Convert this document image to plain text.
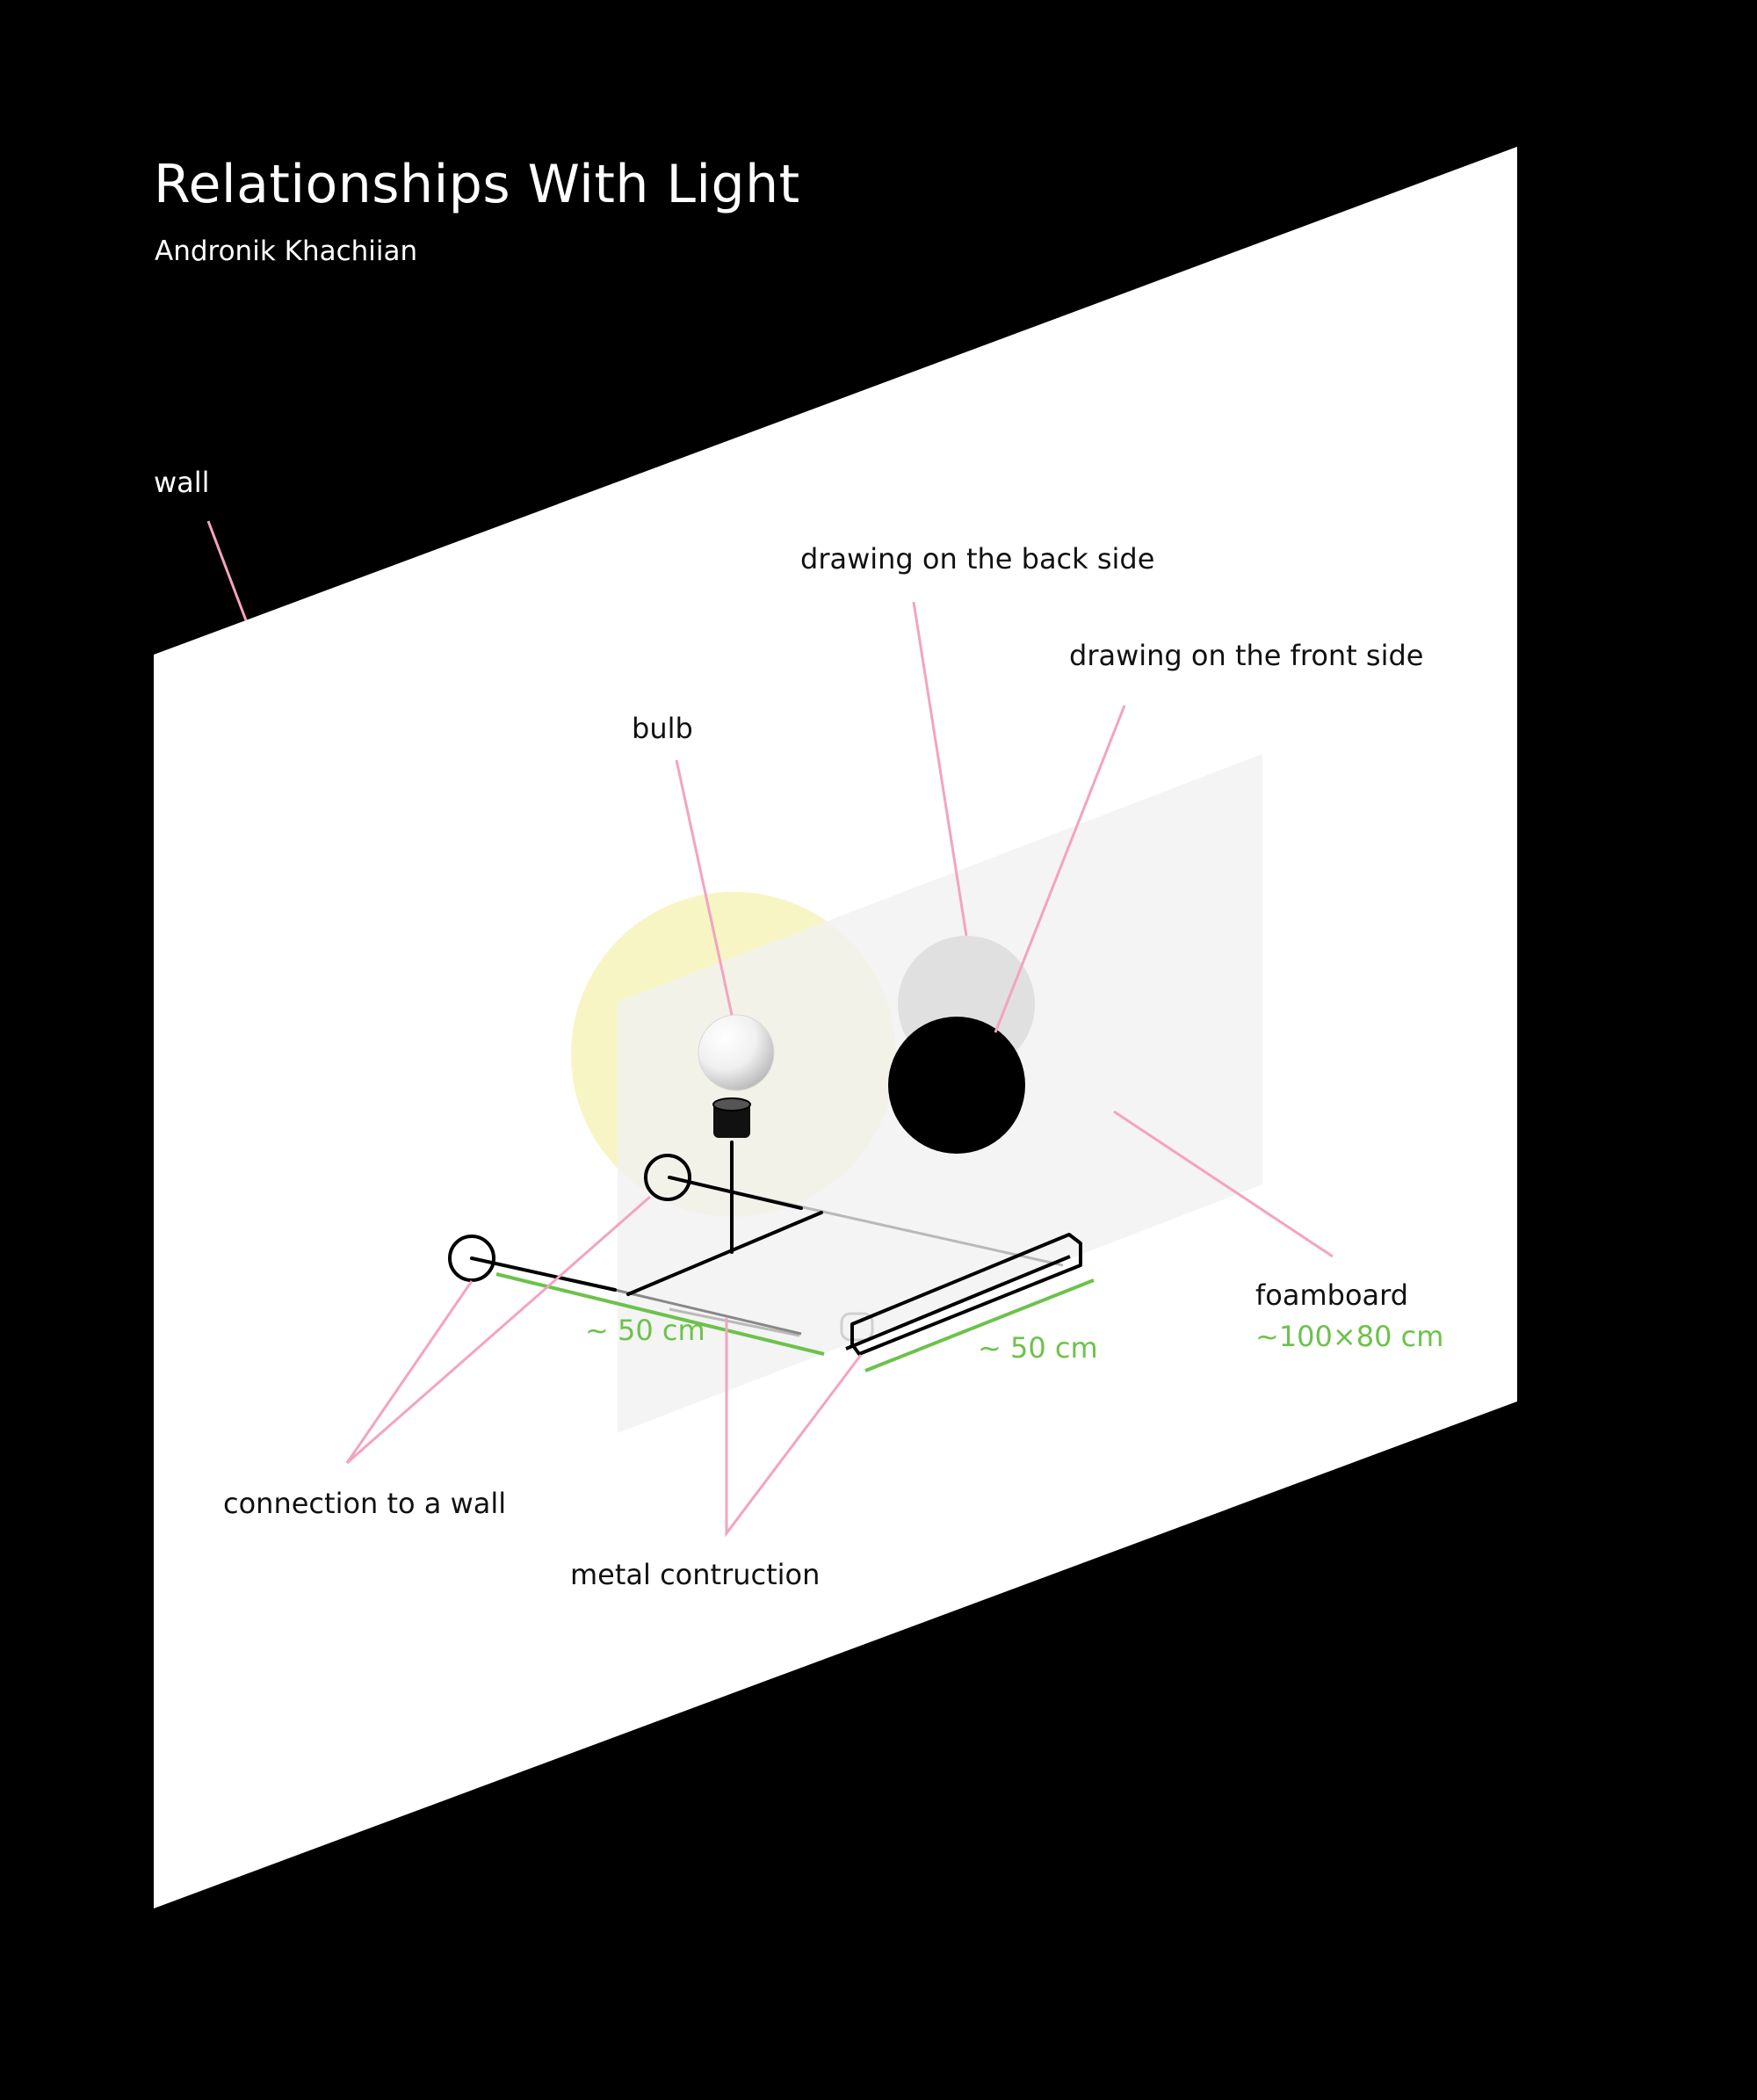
Relationships With Light
Andronik Khachiian
wall
drawing on the back side
drawing on the front side
bulb
foamboard
~100×80 cm
~ 50 cm
~ 50 cm
connection to a wall
metal contruction
